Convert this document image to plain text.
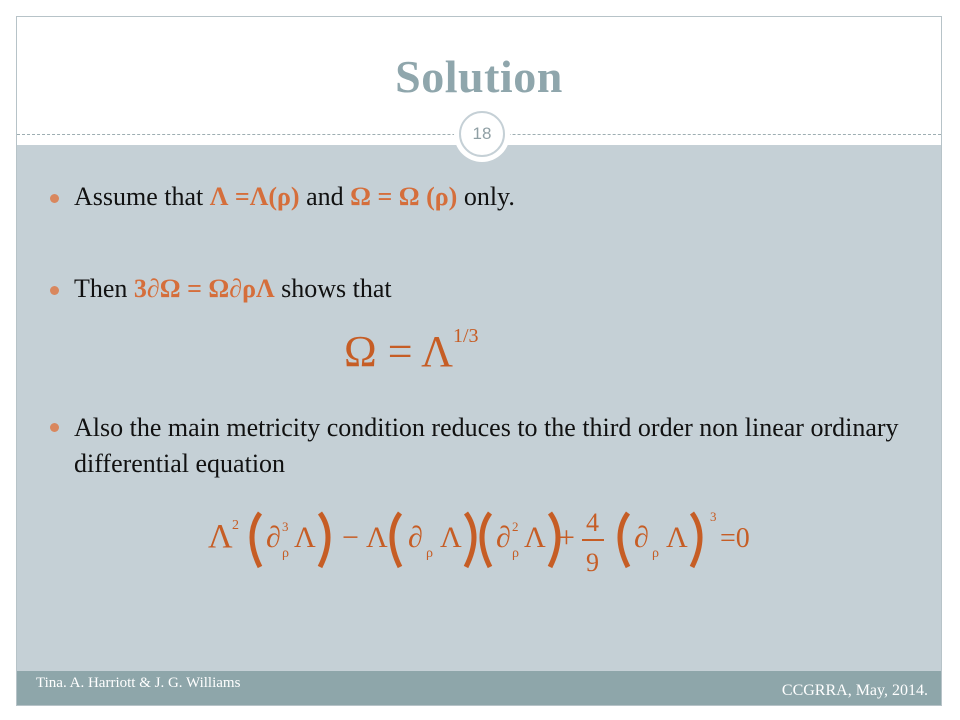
Solution
18
Assume that Λ =Λ(ρ) and Ω = Ω (ρ) only.
Then 3∂Ω = Ω∂ρΛ shows that
$\Omega = \Lambda^{1/3}$
Also the main metricity condition reduces to the third order non linear ordinary differential equation
Λ 2 ∂ 3
ρ Λ − Λ ∂ ρ Λ ∂ 2
ρ Λ + 4
9
∂ ρ Λ
3
=0
Tina. A. Harriott & J. G. Williams	CCGRRA, May, 2014.
